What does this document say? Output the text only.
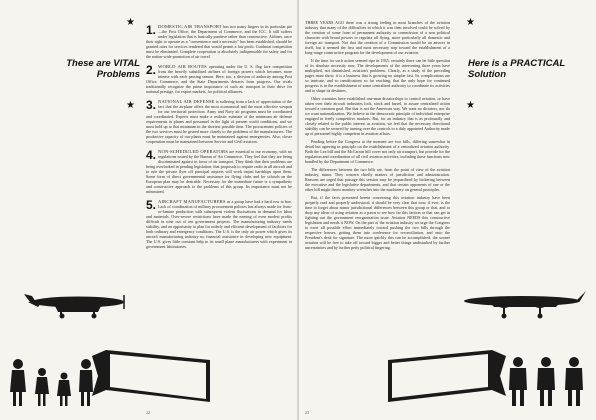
★
These are VITAL Problems
★

1. DOMESTIC AIR TRANSPORT has two many fingers in its particular pie—the Post Office, the Department of Commerce, and the ICC. It still suffers under legislation that is basically punitive rather than constructive. Airlines, once their right to operate as a "convenience and a necessity" has been established, should be granted rates for services rendered that would permit a fair profit. Cutthroat competition must be eliminated. Complete cooperation is absolutely indispensable for safety and for the nation-wide promotion of air travel.

2. WORLD AIR ROUTES operating under the U. S. flag face competition from the heavily subsidized airlines of foreign powers which becomes more intense with each passing season. Here, too, a division of authority among Post Office, Commerce, and the State Departments detracts from progress. Our rivals traditionally recognize the prime importance of such air transport in their drive for national prestige, for export markets, for political alliances.

3. NATIONAL AIR DEFENSE is suffering from a lack of appreciation of the fact that the airplane offers the most economical and the most effective weapon for our territorial protection. Army and Navy air programs must be coordinated and coordinated. Experts must make a realistic estimate of the minimum air defense requirements in planes and personnel in the light of present world conditions; and we must hold up to that minimum in the shortest possible time. The procurement policies of the two services must be geared more closely to the problems of the manufacturers. The productive capacity of our plants must be maintained against emergencies. Also, closer cooperation must be maintained between Service and Civil aviation.

4. NON-SCHEDULED OPERATORS are essential to our economy, with no regulations issued by the Bureau of Air Commerce. They feel that they are being discriminated against in favor of air transport. They think that their problems are being overlooked in pending legislation; that proposals to require radio in all aircraft and to rule the private flyer off principal airports will work unjust hardships upon them. Some form of direct governmental assistance for flying clubs and for schools on the European plan may be desirable. Necessary for the immediate future is a sympathetic and constructive approach to the problems of this group. Its importance must not be minimized.

5. AIRCRAFT MANUFACTURERS as a group have had a hard row to hoe. Lack of coordination of military procurement policies has always made for feast-or-famine production with subsequent violent fluctuations in demand for labor and materials. Over-severe restrictions have made the earning of even modest profits difficult in nine out of ten government projects. The manufacturing industry needs stability, and an opportunity to plan for orderly and efficient development of facilities for both ordinary and emergency conditions. The U.S. is the only air power which gives its aircraft manufacturing industry no financial assistance in developing new equipment. The U.S. gives little constant help to its small plane manufacturers with experiment in government laboratories.

22
★
Here is a PRACTICAL Solution
★

THREE YEARS AGO there was a strong feeling in most branches of the aviation industry that many of the difficulties in which it was then involved could be solved by the creation of some form of permanent authority or commission of a non political character with broad powers to regulate all flying, more particularly all domestic and foreign air transport. Not that the creation of a Commission would be an answer in itself, but it seemed the first and most necessary step toward the establishment of a long-range constructive program for the development of our aviation.

If the time for such action seemed ripe in 1935, certainly there can be little question of its absolute necessity now. The developments of the intervening three years have multiplied, not diminished, aviation's problems. Clearly, as a study of the preceding pages must show, it is a business that is growing no simpler fast. Its complications are so intricate, and so ramifications so far reaching, that the only hope for continued progress is in the establishment of some centralized authority to coordinate its activities and to shape its destinies.

Other countries have established one-man dictatorships to control aviation, or have taken over their aircraft industries lock, stock and barrel, to assure centralized action toward a common goal. But that is not the American way. We want no dictators, nor do we want nationalization. We believe in the democratic principle of individual enterprise engaged in freely competitive markets. But, for an industry that is as profoundly and closely related to the public interest as aviation, we feel that the necessary directional stability can be secured by turning over the controls to a duly appointed Authority made up of personnel highly competent in aviation affairs.

Pending before the Congress at the moment are two bills, differing somewhat in detail but agreeing in principle on the establishment of a centralized aviation authority. Both the Lea bill and the McCarran bill cover not only air transport, but provide for the regulation and coordination of all civil aviation activities, including those functions now handled by the Department of Commerce.

The differences between the two bills are, from the point of view of the aviation industry, minor. They concern chiefly matters of jurisdiction and administration. Reasons are urged that passage this session may be jeopardized by bickering between the executive and the legislative departments, and that certain opponents of one or the other bill might throw monkey-wrenches into the machinery on general principles.

But, if the facts presented herein concerning this aviation industry have been properly read and properly understood, it should be very clear that now, if ever, is the time to forget about minor jurisdictional differences between this group or that, and to drop any ideas of using aviation as a pawn to see how far this faction or that can get in fighting out the government reorganization issue. Aviation NEEDS this constructive legislation and needs it NOW. On the part of the aviation industry we urge the Congress to exert all possible effort immediately toward pushing the two bills through the respective houses, getting them into conference for reconciliation, and onto the President's desk for signature. The more quickly this can be accomplished, the sooner aviation will be free to take off toward bigger and better things undisturbed by further uncertainties and by further petty political fingering.

23
